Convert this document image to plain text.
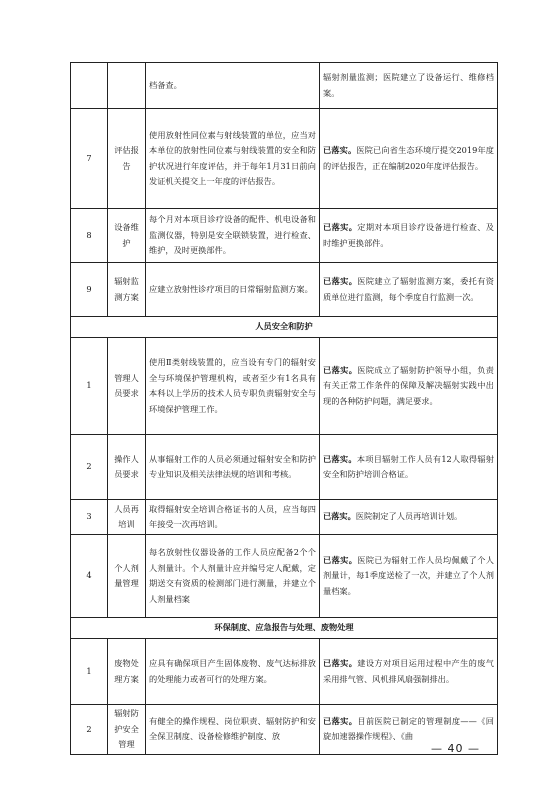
		档备查。	辐射剂量监测；医院建立了设备运行、维修档案。
7	评估报告	使用放射性同位素与射线装置的单位，应当对本单位的放射性同位素与射线装置的安全和防护状况进行年度评估，并于每年1月31日前向发证机关提交上一年度的评估报告。	已落实。医院已向省生态环境厅提交2019年度的评估报告，正在编制2020年度评估报告。
8	设备维护	每个月对本项目诊疗设备的配件、机电设备和监测仪器，特别是安全联锁装置，进行检查、维护，及时更换部件。	已落实。定期对本项目诊疗设备进行检查、及时维护更换部件。
9	辐射监测方案	应建立放射性诊疗项目的日常辐射监测方案。	已落实。医院建立了辐射监测方案，委托有资质单位进行监测，每个季度自行监测一次。
人员安全和防护			
1	管理人员要求	使用Ⅱ类射线装置的，应当设有专门的辐射安全与环境保护管理机构，或者至少有1名具有本科以上学历的技术人员专职负责辐射安全与环境保护管理工作。	已落实。医院成立了辐射防护领导小组，负责有关正常工作条件的保障及解决辐射实践中出现的各种防护问题，满足要求。
2	操作人员要求	从事辐射工作的人员必须通过辐射安全和防护专业知识及相关法律法规的培训和考核。	已落实。本项目辐射工作人员有12人取得辐射安全和防护培训合格证。
3	人员再培训	取得辐射安全培训合格证书的人员，应当每四年接受一次再培训。	已落实。医院制定了人员再培训计划。
4	个人剂量管理	每名放射性仪器设备的工作人员应配备2个个人剂量计。个人剂量计应并编号定人配戴，定期送交有资质的检测部门进行测量，并建立个人剂量档案	已落实。医院已为辐射工作人员均佩戴了个人剂量计，每1季度送检了一次，并建立了个人剂量档案。
环保制度、应急报告与处理、废物处理			
1	废物处理方案	应具有确保项目产生固体废物、废气达标排放的处理能力或者可行的处理方案。	已落实。建设方对项目运用过程中产生的废气采用排气管、风机排风扇强制排出。
2	辐射防护安全管理	有健全的操作规程、岗位职责、辐射防护和安全保卫制度、设备检修维护制度、放	已落实。目前医院已制定的管理制度——《回旋加速器操作规程》、《曲
— 40 —
